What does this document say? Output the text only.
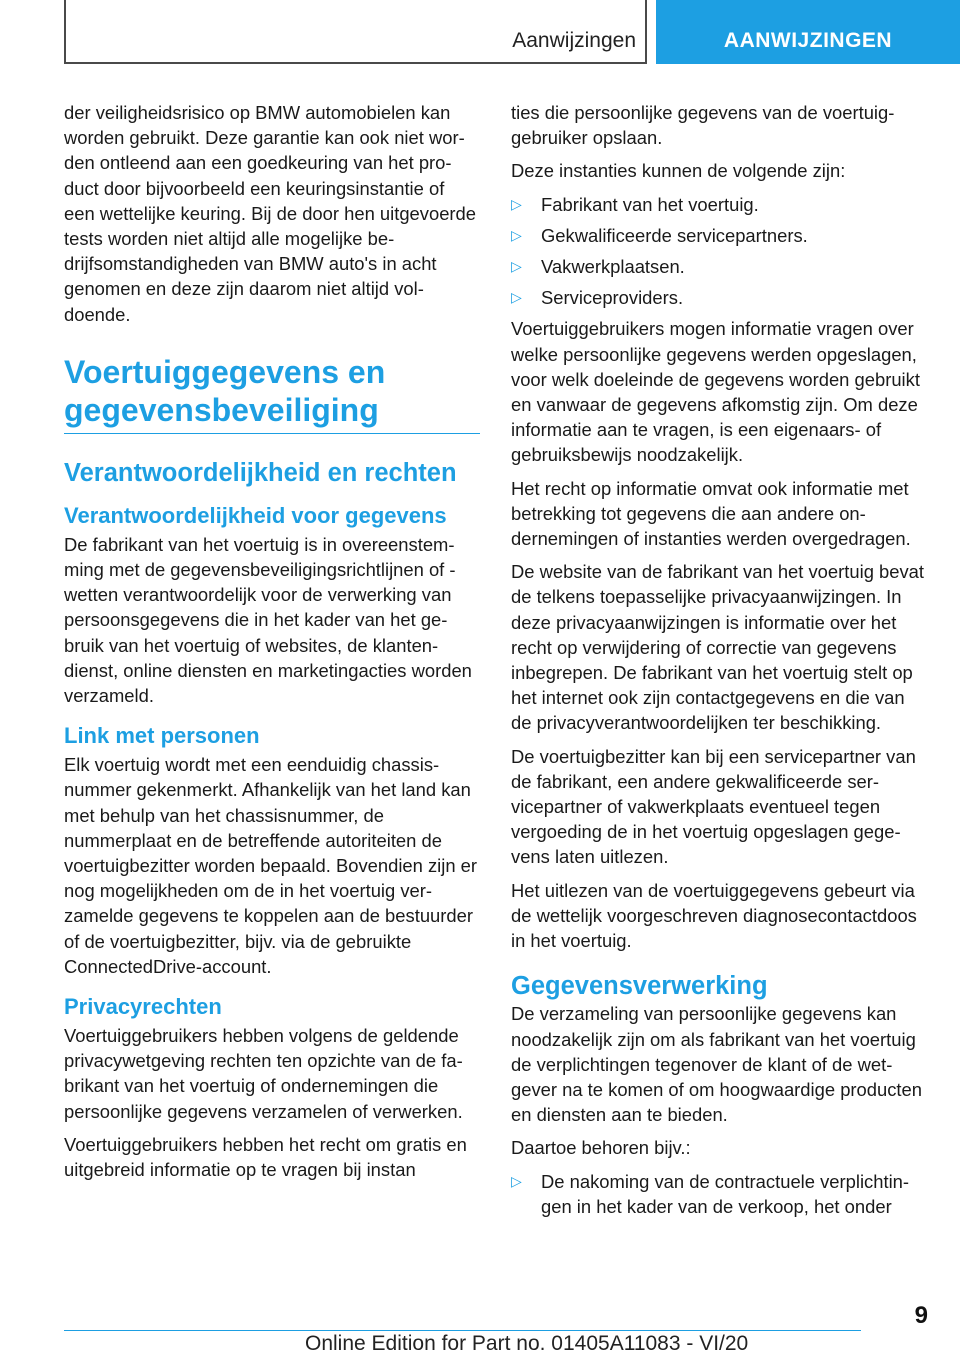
Aanwijzingen	AANWIJZINGEN

der veiligheidsrisico op BMW automobielen kan worden gebruikt. Deze garantie kan ook niet worden ontleend aan een goedkeuring van het product door bijvoorbeeld een keuringsinstantie of een wettelijke keuring. Bij de door hen uitgevoerde tests worden niet altijd alle mogelijke bedrijfsomstandigheden van BMW auto's in acht genomen en deze zijn daarom niet altijd voldoende.

Voertuiggegevens en gegevensbeveiliging
Verantwoordelijkheid en rechten
Verantwoordelijkheid voor gegevens

De fabrikant van het voertuig is in overeenstemming met de gegevensbeveiligingsrichtlijnen of -wetten verantwoordelijk voor de verwerking van persoonsgegevens die in het kader van het gebruik van het voertuig of websites, de klantendienst, online diensten en marketingacties worden verzameld.

Link met personen

Elk voertuig wordt met een eenduidig chassisnummer gekenmerkt. Afhankelijk van het land kan met behulp van het chassisnummer, de nummerplaat en de betreffende autoriteiten de voertuigbezitter worden bepaald. Bovendien zijn er nog mogelijkheden om de in het voertuig verzamelde gegevens te koppelen aan de bestuurder of de voertuigbezitter, bijv. via de gebruikte ConnectedDrive-account.

Privacyrechten

Voertuiggebruikers hebben volgens de geldende privacywetgeving rechten ten opzichte van de fabrikant van het voertuig of ondernemingen die persoonlijke gegevens verzamelen of verwerken.

Voertuiggebruikers hebben het recht om gratis en uitgebreid informatie op te vragen bij instan

ties die persoonlijke gegevens van de voertuiggebruiker opslaan.

Deze instanties kunnen de volgende zijn:

▷	Fabrikant van het voertuig.

▷	Gekwalificeerde servicepartners.

▷	Vakwerkplaatsen.

▷	Serviceproviders.

Voertuiggebruikers mogen informatie vragen over welke persoonlijke gegevens werden opgeslagen, voor welk doeleinde de gegevens worden gebruikt en vanwaar de gegevens afkomstig zijn. Om deze informatie aan te vragen, is een eigenaars- of gebruiksbewijs noodzakelijk.

Het recht op informatie omvat ook informatie met betrekking tot gegevens die aan andere ondernemingen of instanties werden overgedragen.

De website van de fabrikant van het voertuig bevat de telkens toepasselijke privacyaanwijzingen. In deze privacyaanwijzingen is informatie over het recht op verwijdering of correctie van gegevens inbegrepen. De fabrikant van het voertuig stelt op het internet ook zijn contactgegevens en die van de privacyverantwoordelijken ter beschikking.

De voertuigbezitter kan bij een servicepartner van de fabrikant, een andere gekwalificeerde servicepartner of vakwerkplaats eventueel tegen vergoeding de in het voertuig opgeslagen gegevens laten uitlezen.

Het uitlezen van de voertuiggegevens gebeurt via de wettelijk voorgeschreven diagnosecontactdoos in het voertuig.

Gegevensverwerking

De verzameling van persoonlijke gegevens kan noodzakelijk zijn om als fabrikant van het voertuig de verplichtingen tegenover de klant of de wetgever na te komen of om hoogwaardige producten en diensten aan te bieden.

Daartoe behoren bijv.:

▷	De nakoming van de contractuele verplichtingen in het kader van de verkoop, het onder

9
Online Edition for Part no. 01405A11083 - VI/20
